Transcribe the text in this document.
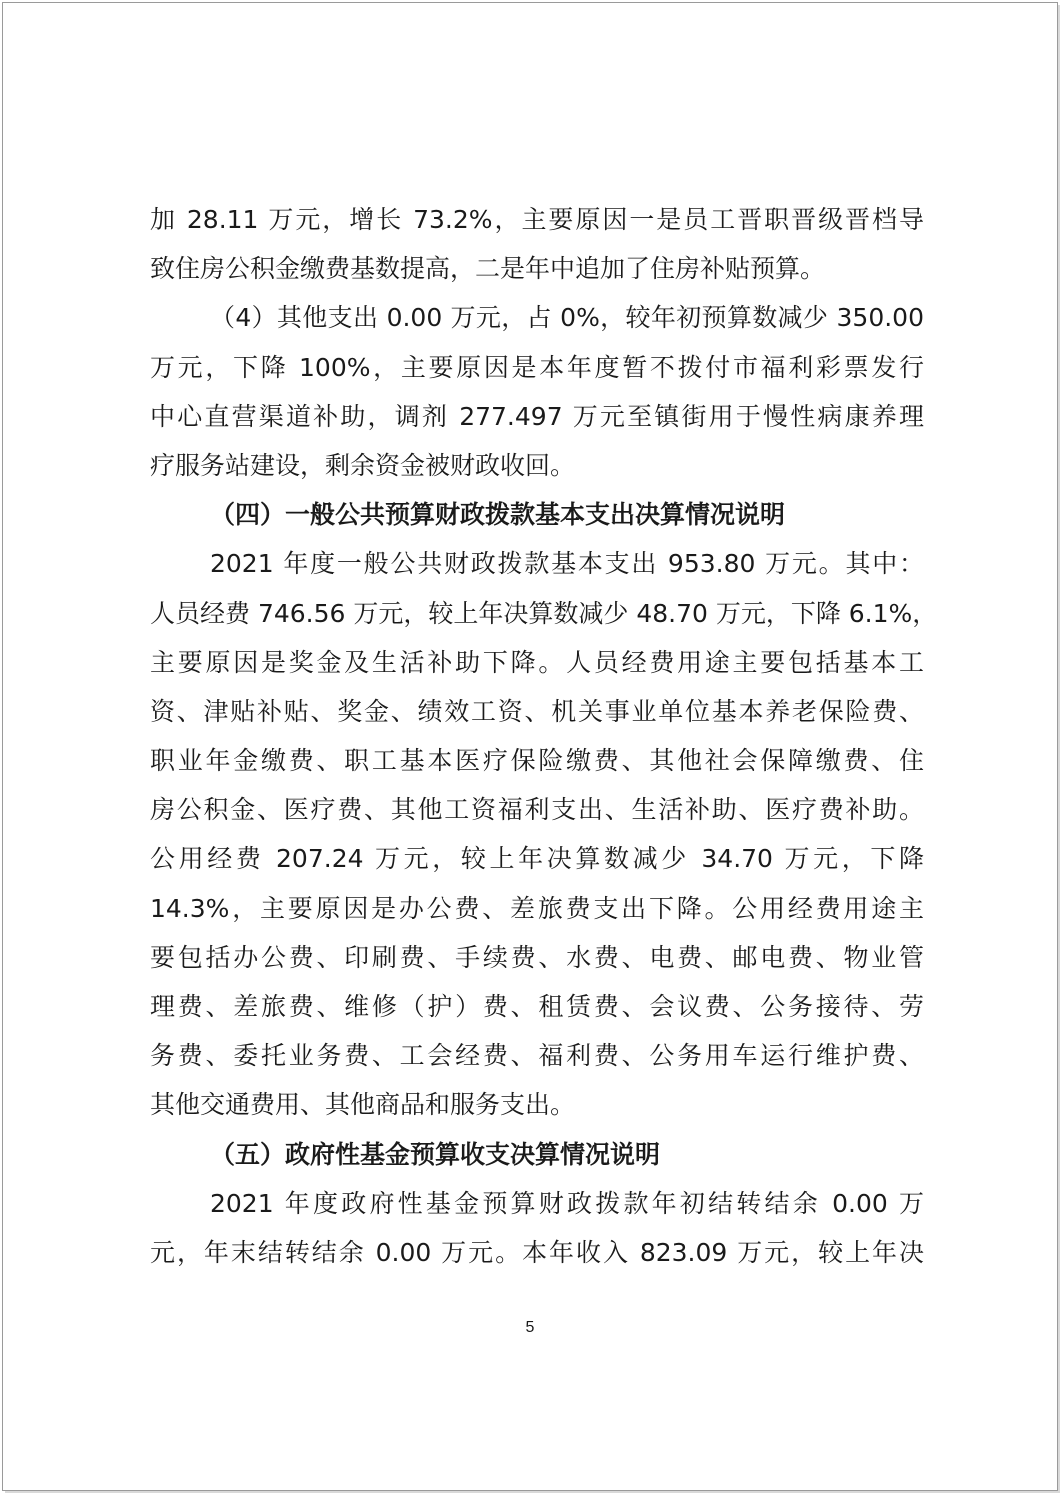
加 28.11 万元，增长 73.2%，主要原因一是员工晋职晋级晋档导
致住房公积金缴费基数提高，二是年中追加了住房补贴预算。
（4）其他支出 0.00 万元，占 0%，较年初预算数减少 350.00
万元，下降 100%，主要原因是本年度暂不拨付市福利彩票发行
中心直营渠道补助，调剂 277.497 万元至镇街用于慢性病康养理
疗服务站建设，剩余资金被财政收回。
（四）一般公共预算财政拨款基本支出决算情况说明
2021 年度一般公共财政拨款基本支出 953.80 万元。其中：
人员经费 746.56 万元，较上年决算数减少 48.70 万元，下降 6.1%，
主要原因是奖金及生活补助下降。人员经费用途主要包括基本工
资、津贴补贴、奖金、绩效工资、机关事业单位基本养老保险费、
职业年金缴费、职工基本医疗保险缴费、其他社会保障缴费、住
房公积金、医疗费、其他工资福利支出、生活补助、医疗费补助。
公用经费 207.24 万元，较上年决算数减少 34.70 万元，下降
14.3%，主要原因是办公费、差旅费支出下降。公用经费用途主
要包括办公费、印刷费、手续费、水费、电费、邮电费、物业管
理费、差旅费、维修（护）费、租赁费、会议费、公务接待、劳
务费、委托业务费、工会经费、福利费、公务用车运行维护费、
其他交通费用、其他商品和服务支出。
（五）政府性基金预算收支决算情况说明
2021 年度政府性基金预算财政拨款年初结转结余 0.00 万
元，年末结转结余 0.00 万元。本年收入 823.09 万元，较上年决
5
